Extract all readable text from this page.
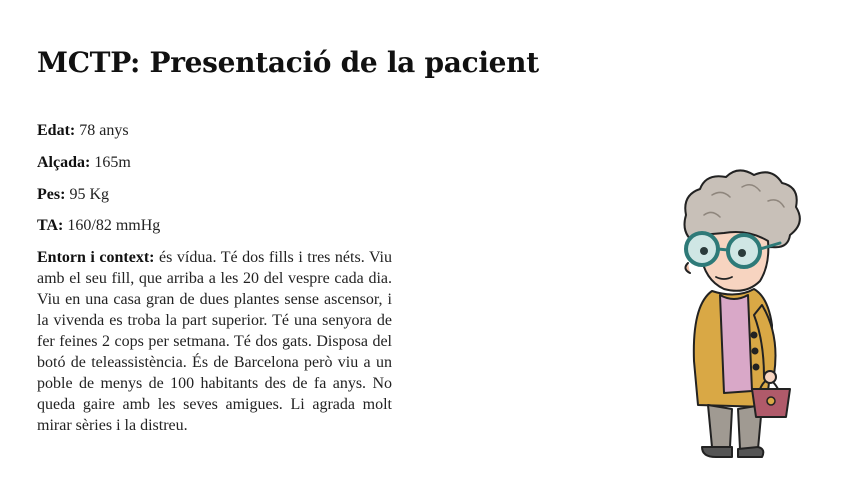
MCTP: Presentació de la pacient

Edat: 78 anys

Alçada: 165m

Pes: 95 Kg

TA: 160/82 mmHg

Entorn i context: és vídua. Té dos fills i tres néts. Viu amb el seu fill, que arriba a les 20 del vespre cada dia. Viu en una casa gran de dues plantes sense ascensor, i la vivenda es troba la part superior. Té una senyora de fer feines 2 cops per setmana. Té dos gats. Disposa del botó de teleassistència. És de Barcelona però viu a un poble de menys de 100 habitants des de fa anys. No queda gaire amb les seves amigues. Li agrada molt mirar sèries i la distreu.
